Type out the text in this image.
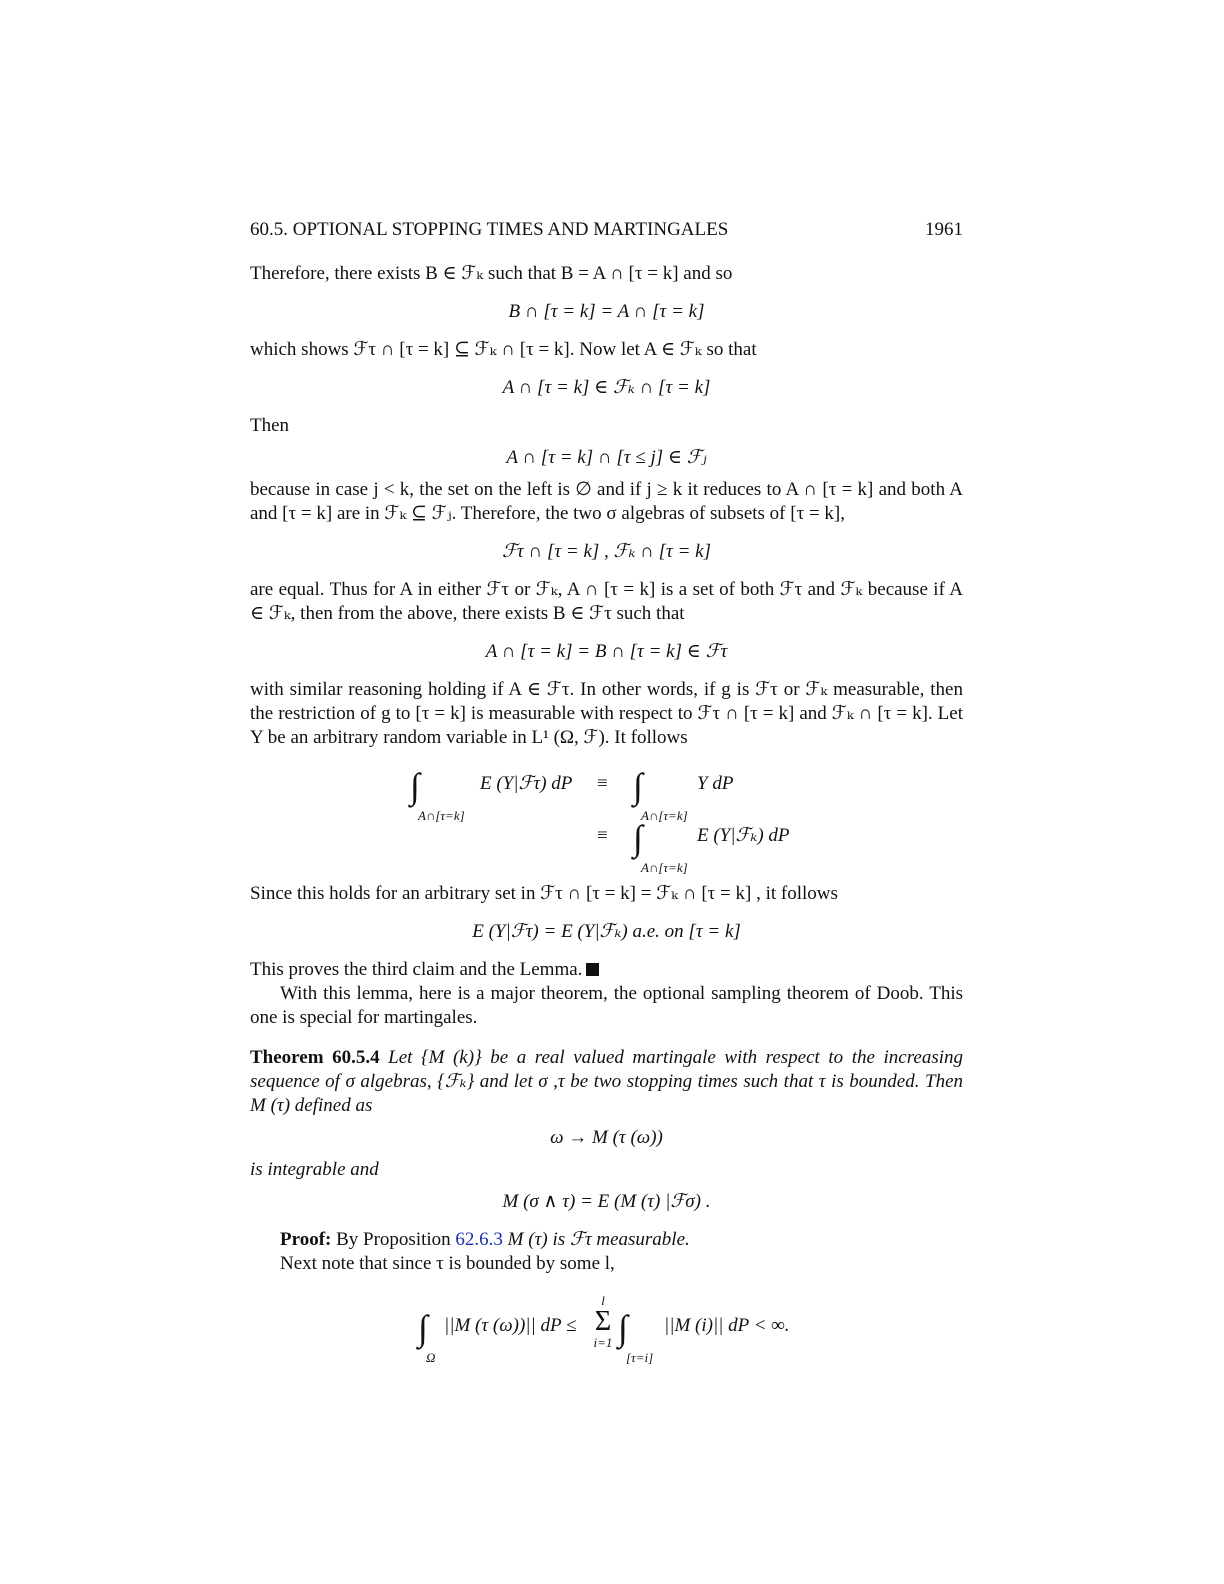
60.5. OPTIONAL STOPPING TIMES AND MARTINGALES	1961

Therefore, there exists B ∈ ℱₖ such that B = A ∩ [τ = k] and so

B ∩ [τ = k] = A ∩ [τ = k]

which shows ℱτ ∩ [τ = k] ⊆ ℱₖ ∩ [τ = k]. Now let A ∈ ℱₖ so that

A ∩ [τ = k] ∈ ℱₖ ∩ [τ = k]

Then

A ∩ [τ = k] ∩ [τ ≤ j] ∈ ℱⱼ

because in case j < k, the set on the left is ∅ and if j ≥ k it reduces to A ∩ [τ = k] and both A and [τ = k] are in ℱₖ ⊆ ℱⱼ. Therefore, the two σ algebras of subsets of [τ = k],

ℱτ ∩ [τ = k] , ℱₖ ∩ [τ = k]

are equal. Thus for A in either ℱτ or ℱₖ, A ∩ [τ = k] is a set of both ℱτ and ℱₖ because if A ∈ ℱₖ, then from the above, there exists B ∈ ℱτ such that

A ∩ [τ = k] = B ∩ [τ = k] ∈ ℱτ

with similar reasoning holding if A ∈ ℱτ. In other words, if g is ℱτ or ℱₖ measurable, then the restriction of g to [τ = k] is measurable with respect to ℱτ ∩ [τ = k] and ℱₖ ∩ [τ = k]. Let Y be an arbitrary random variable in L¹ (Ω, ℱ). It follows

∫
A∩[τ=k]
E (Y|ℱτ) dP ≡ ∫
A∩[τ=k]
Y dP
≡ ∫
A∩[τ=k]
E (Y|ℱₖ) dP

Since this holds for an arbitrary set in ℱτ ∩ [τ = k] = ℱₖ ∩ [τ = k] , it follows

E (Y|ℱτ) = E (Y|ℱₖ) a.e. on [τ = k]

This proves the third claim and the Lemma.

With this lemma, here is a major theorem, the optional sampling theorem of Doob. This one is special for martingales.

Theorem 60.5.4 Let {M (k)} be a real valued martingale with respect to the increasing sequence of σ algebras, {ℱₖ} and let σ ,τ be two stopping times such that τ is bounded. Then M (τ) defined as

ω → M (τ (ω))

is integrable and

M (σ ∧ τ) = E (M (τ) |ℱσ) .

Proof: By Proposition 62.6.3 M (τ) is ℱτ measurable.

Next note that since τ is bounded by some l,

∫
Ω
||M (τ (ω))|| dP ≤
l
Σ
i=1 ∫
[τ=i]
||M (i)|| dP < ∞.
